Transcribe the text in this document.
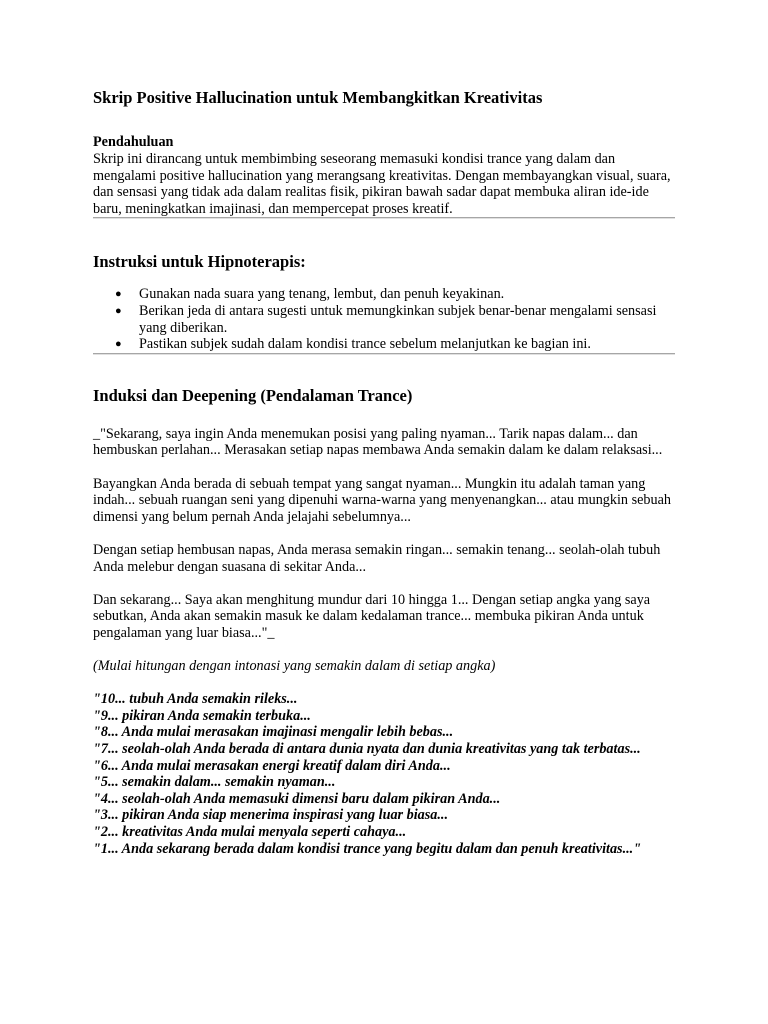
Skrip Positive Hallucination untuk Membangkitkan Kreativitas
Pendahuluan

Skrip ini dirancang untuk membimbing seseorang memasuki kondisi trance yang dalam dan mengalami positive hallucination yang merangsang kreativitas. Dengan membayangkan visual, suara, dan sensasi yang tidak ada dalam realitas fisik, pikiran bawah sadar dapat membuka aliran ide-ide baru, meningkatkan imajinasi, dan mempercepat proses kreatif.

Instruksi untuk Hipnoterapis:
● Gunakan nada suara yang tenang, lembut, dan penuh keyakinan.
● Berikan jeda di antara sugesti untuk memungkinkan subjek benar-benar mengalami sensasi yang diberikan.
● Pastikan subjek sudah dalam kondisi trance sebelum melanjutkan ke bagian ini.
Induksi dan Deepening (Pendalaman Trance)

_"Sekarang, saya ingin Anda menemukan posisi yang paling nyaman... Tarik napas dalam... dan hembuskan perlahan... Merasakan setiap napas membawa Anda semakin dalam ke dalam relaksasi...

Bayangkan Anda berada di sebuah tempat yang sangat nyaman... Mungkin itu adalah taman yang indah... sebuah ruangan seni yang dipenuhi warna-warna yang menyenangkan... atau mungkin sebuah dimensi yang belum pernah Anda jelajahi sebelumnya...

Dengan setiap hembusan napas, Anda merasa semakin ringan... semakin tenang... seolah-olah tubuh Anda melebur dengan suasana di sekitar Anda...

Dan sekarang... Saya akan menghitung mundur dari 10 hingga 1... Dengan setiap angka yang saya sebutkan, Anda akan semakin masuk ke dalam kedalaman trance... membuka pikiran Anda untuk pengalaman yang luar biasa..."_

(Mulai hitungan dengan intonasi yang semakin dalam di setiap angka)

"10... tubuh Anda semakin rileks...
"9... pikiran Anda semakin terbuka...
"8... Anda mulai merasakan imajinasi mengalir lebih bebas...
"7... seolah-olah Anda berada di antara dunia nyata dan dunia kreativitas yang tak terbatas...
"6... Anda mulai merasakan energi kreatif dalam diri Anda...
"5... semakin dalam... semakin nyaman...
"4... seolah-olah Anda memasuki dimensi baru dalam pikiran Anda...
"3... pikiran Anda siap menerima inspirasi yang luar biasa...
"2... kreativitas Anda mulai menyala seperti cahaya...
"1... Anda sekarang berada dalam kondisi trance yang begitu dalam dan penuh kreativitas..."
